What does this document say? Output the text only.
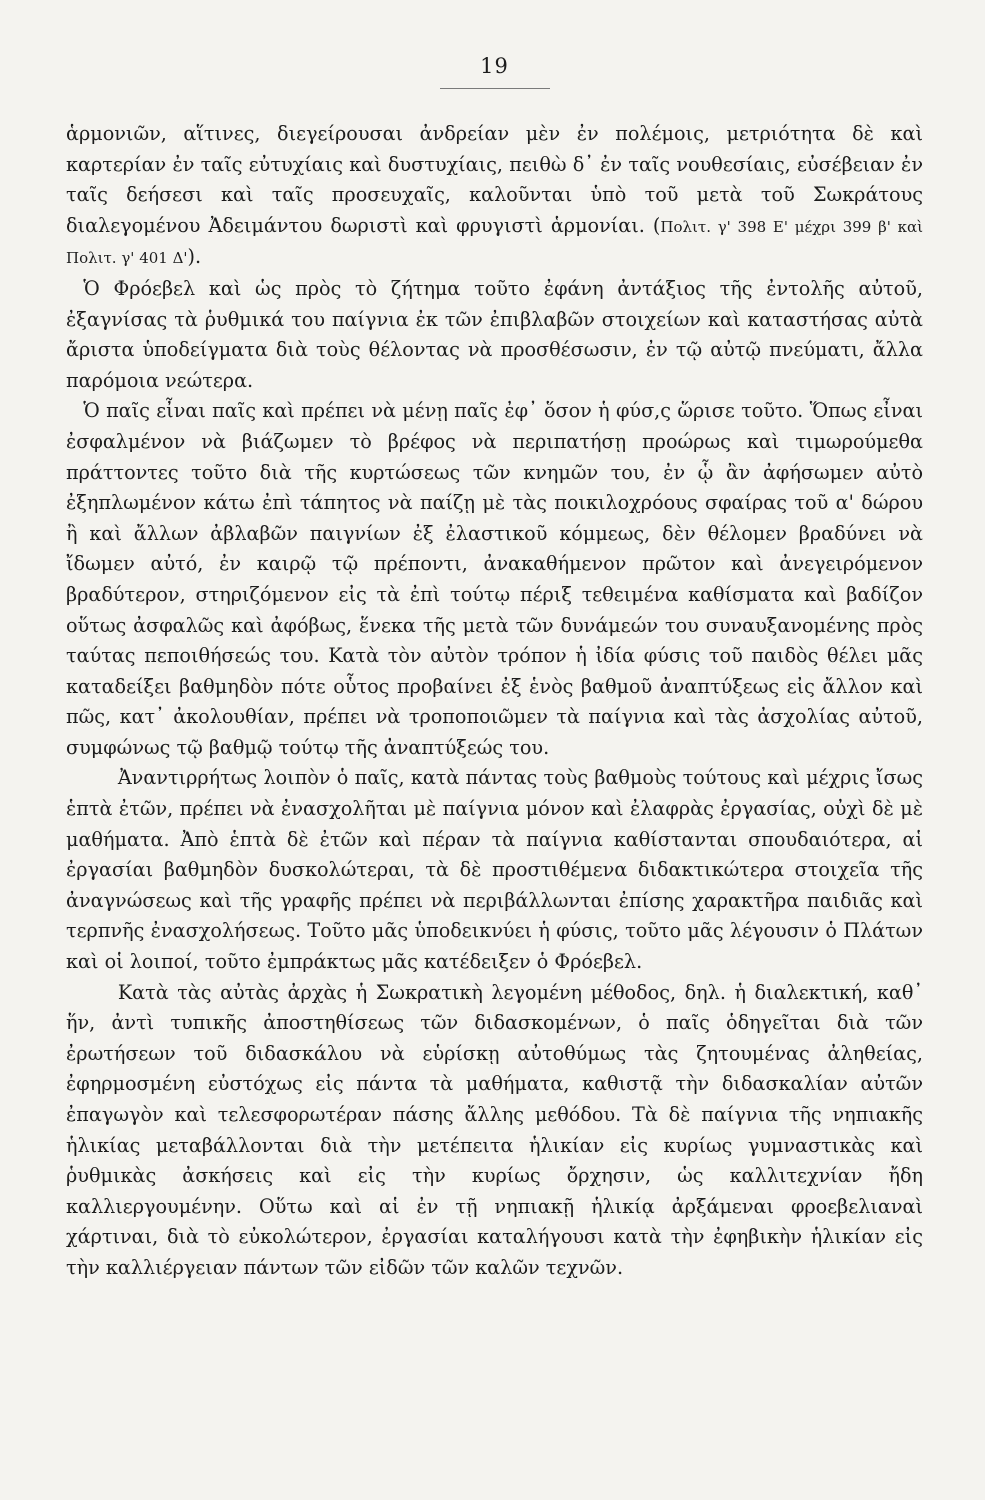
19

ἁρμονιῶν, αἵτινες, διεγείρουσαι ἀνδρείαν μὲν ἐν πολέμοις, μετριότητα δὲ καὶ καρτερίαν ἐν ταῖς εὐτυχίαις καὶ δυστυχίαις, πειθὼ δ᾽ ἐν ταῖς νουθεσίαις, εὐσέβειαν ἐν ταῖς δεήσεσι καὶ ταῖς προσευχαῖς, καλοῦνται ὑπὸ τοῦ μετὰ τοῦ Σωκράτους διαλεγομένου Ἀδειμάντου δωριστὶ καὶ φρυγιστὶ ἁρμονίαι. (Πολιτ. γ' 398 Ε' μέχρι 399 β' καὶ Πολιτ. γ' 401 Δ').

Ὁ Φρόεβελ καὶ ὡς πρὸς τὸ ζήτημα τοῦτο ἐφάνη ἀντάξιος τῆς ἐντολῆς αὐτοῦ, ἐξαγνίσας τὰ ῥυθμικά του παίγνια ἐκ τῶν ἐπιβλαβῶν στοιχείων καὶ καταστήσας αὐτὰ ἄριστα ὑποδείγματα διὰ τοὺς θέλοντας νὰ προσθέσωσιν, ἐν τῷ αὐτῷ πνεύματι, ἄλλα παρόμοια νεώτερα.

Ὁ παῖς εἶναι παῖς καὶ πρέπει νὰ μένῃ παῖς ἐφ᾽ ὅσον ἡ φύσ,ς ὥρισε τοῦτο. Ὅπως εἶναι ἐσφαλμένον νὰ βιάζωμεν τὸ βρέφος νὰ περιπατήσῃ προώρως καὶ τιμωρούμεθα πράττοντες τοῦτο διὰ τῆς κυρτώσεως τῶν κνημῶν του, ἐν ᾧ ἂν ἀφήσωμεν αὐτὸ ἐξηπλωμένον κάτω ἐπὶ τάπητος νὰ παίζῃ μὲ τὰς ποικιλοχρόους σφαίρας τοῦ α' δώρου ἢ καὶ ἄλλων ἀβλαβῶν παιγνίων ἐξ ἐλαστικοῦ κόμμεως, δὲν θέλομεν βραδύνει νὰ ἴδωμεν αὐτό, ἐν καιρῷ τῷ πρέποντι, ἀνακαθήμενον πρῶτον καὶ ἀνεγειρόμενον βραδύτερον, στηριζόμενον εἰς τὰ ἐπὶ τούτῳ πέριξ τεθειμένα καθίσματα καὶ βαδίζον οὕτως ἀσφαλῶς καὶ ἀφόβως, ἕνεκα τῆς μετὰ τῶν δυνάμεών του συναυξανομένης πρὸς ταύτας πεποιθήσεώς του. Κατὰ τὸν αὐτὸν τρόπον ἡ ἰδία φύσις τοῦ παιδὸς θέλει μᾶς καταδείξει βαθμηδὸν πότε οὗτος προβαίνει ἐξ ἑνὸς βαθμοῦ ἀναπτύξεως εἰς ἄλλον καὶ πῶς, κατ᾽ ἀκολουθίαν, πρέπει νὰ τροποποιῶμεν τὰ παίγνια καὶ τὰς ἀσχολίας αὐτοῦ, συμφώνως τῷ βαθμῷ τούτῳ τῆς ἀναπτύξεώς του.

Ἀναντιρρήτως λοιπὸν ὁ παῖς, κατὰ πάντας τοὺς βαθμοὺς τούτους καὶ μέχρις ἴσως ἑπτὰ ἐτῶν, πρέπει νὰ ἐνασχολῆται μὲ παίγνια μόνον καὶ ἐλαφρὰς ἐργασίας, οὐχὶ δὲ μὲ μαθήματα. Ἀπὸ ἑπτὰ δὲ ἐτῶν καὶ πέραν τὰ παίγνια καθίστανται σπουδαιότερα, αἱ ἐργασίαι βαθμηδὸν δυσκολώτεραι, τὰ δὲ προστιθέμενα διδακτικώτερα στοιχεῖα τῆς ἀναγνώσεως καὶ τῆς γραφῆς πρέπει νὰ περιβάλλωνται ἐπίσης χαρακτῆρα παιδιᾶς καὶ τερπνῆς ἐνασχολήσεως. Τοῦτο μᾶς ὑποδεικνύει ἡ φύσις, τοῦτο μᾶς λέγουσιν ὁ Πλάτων καὶ οἱ λοιποί, τοῦτο ἐμπράκτως μᾶς κατέδειξεν ὁ Φρόεβελ.

Κατὰ τὰς αὐτὰς ἀρχὰς ἡ Σωκρατικὴ λεγομένη μέθοδος, δηλ. ἡ διαλεκτική, καθ᾽ ἥν, ἀντὶ τυπικῆς ἀποστηθίσεως τῶν διδασκομένων, ὁ παῖς ὁδηγεῖται διὰ τῶν ἐρωτήσεων τοῦ διδασκάλου νὰ εὑρίσκῃ αὐτοθύμως τὰς ζητουμένας ἀληθείας, ἐφηρμοσμένη εὐστόχως εἰς πάντα τὰ μαθήματα, καθιστᾷ τὴν διδασκαλίαν αὐτῶν ἐπαγωγὸν καὶ τελεσφορωτέραν πάσης ἄλλης μεθόδου. Τὰ δὲ παίγνια τῆς νηπιακῆς ἡλικίας μεταβάλλονται διὰ τὴν μετέπειτα ἡλικίαν εἰς κυρίως γυμναστικὰς καὶ ῥυθμικὰς ἀσκήσεις καὶ εἰς τὴν κυρίως ὄρχησιν, ὡς καλλιτεχνίαν ἤδη καλλιεργουμένην. Οὕτω καὶ αἱ ἐν τῇ νηπιακῇ ἡλικίᾳ ἀρξάμεναι φροεβελιαναὶ χάρτιναι, διὰ τὸ εὐκολώτερον, ἐργασίαι καταλήγουσι κατὰ τὴν ἐφηβικὴν ἡλικίαν εἰς τὴν καλλιέργειαν πάντων τῶν εἰδῶν τῶν καλῶν τεχνῶν.
